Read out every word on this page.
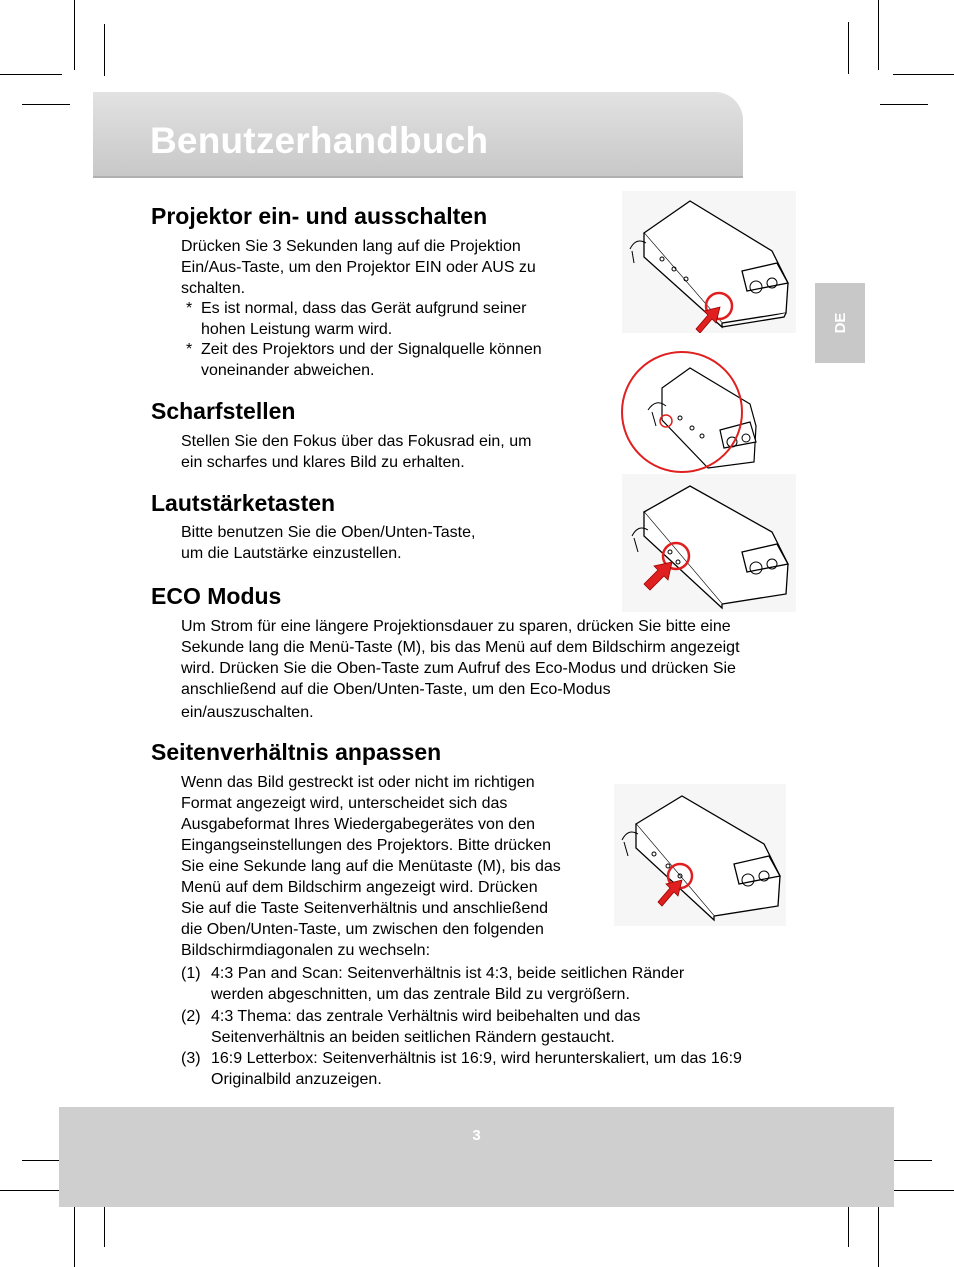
Benutzerhandbuch
DE
Projektor ein- und ausschalten
Drücken Sie 3 Sekunden lang auf die Projektion
Ein/Aus-Taste, um den Projektor EIN oder AUS zu
schalten.
* Es ist normal, dass das Gerät aufgrund seiner
hohen Leistung warm wird.
* Zeit des Projektors und der Signalquelle können
voneinander abweichen.
Scharfstellen
Stellen Sie den Fokus über das Fokusrad ein, um
ein scharfes und klares Bild zu erhalten.
Lautstärketasten
Bitte benutzen Sie die Oben/Unten-Taste,
um die Lautstärke einzustellen.
ECO Modus
Um Strom für eine längere Projektionsdauer zu sparen, drücken Sie bitte eine
Sekunde lang die Menü-Taste (M), bis das Menü auf dem Bildschirm angezeigt
wird. Drücken Sie die Oben-Taste zum Aufruf des Eco-Modus und drücken Sie
anschließend auf die Oben/Unten-Taste, um den Eco-Modus
ein/auszuschalten.
Seitenverhältnis anpassen
Wenn das Bild gestreckt ist oder nicht im richtigen
Format angezeigt wird, unterscheidet sich das
Ausgabeformat Ihres Wiedergabegerätes von den
Eingangseinstellungen des Projektors. Bitte drücken
Sie eine Sekunde lang auf die Menütaste (M), bis das
Menü auf dem Bildschirm angezeigt wird. Drücken
Sie auf die Taste Seitenverhältnis und anschließend
die Oben/Unten-Taste, um zwischen den folgenden
Bildschirmdiagonalen zu wechseln:
(1) 4:3 Pan and Scan: Seitenverhältnis ist 4:3, beide seitlichen Ränder
werden abgeschnitten, um das zentrale Bild zu vergrößern.
(2) 4:3 Thema: das zentrale Verhältnis wird beibehalten und das
Seitenverhältnis an beiden seitlichen Rändern gestaucht.
(3) 16:9 Letterbox: Seitenverhältnis ist 16:9, wird herunterskaliert, um das 16:9
Originalbild anzuzeigen.
3
